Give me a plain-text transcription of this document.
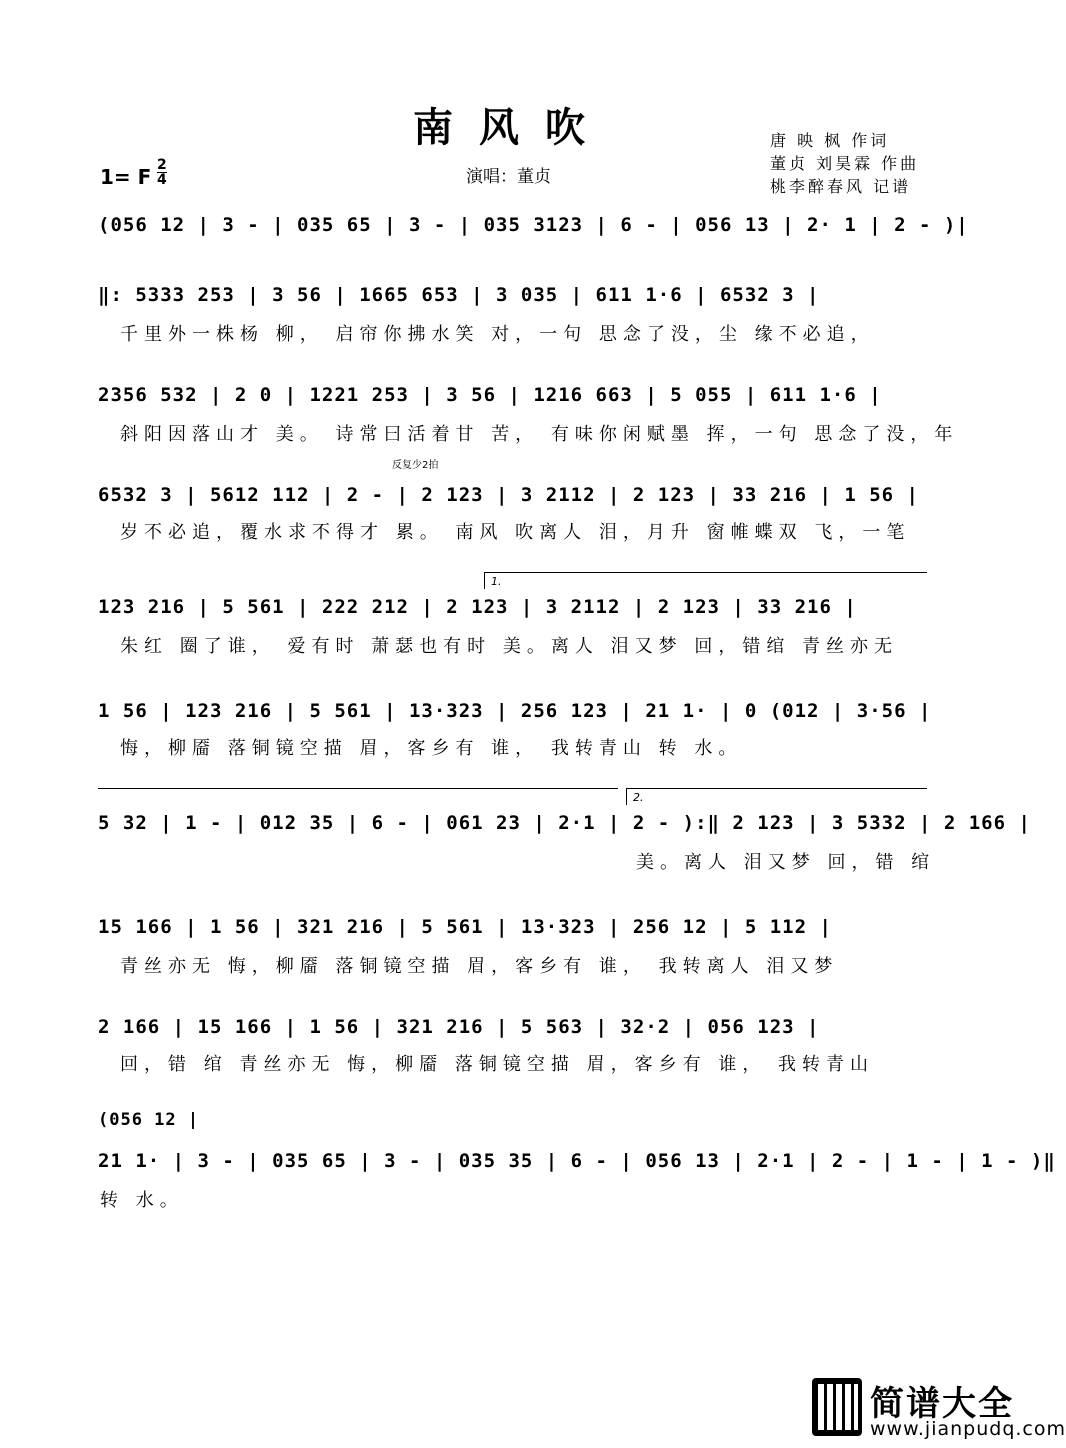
南风吹	唐 映 枫 作词
董贞 刘昊霖 作曲
桃李醉春风 记谱
演唱：董贞
1= F 2
4
反复少2拍
(056 12 | 3 - | 035 65 | 3 - | 035 3123 | 6 - | 056 13 | 2· 1 | 2 - )|
‖: 5333 253 | 3 56 | 1665 653 | 3 035 | 611 1·6 | 6532 3 |
千里外一株杨 柳， 启帘你拂水笑 对，一句 思念了没，尘 缘不必追，
2356 532 | 2 0 | 1221 253 | 3 56 | 1216 663 | 5 055 | 611 1·6 |
斜阳因落山才 美。 诗常曰活着甘 苦， 有味你闲赋墨 挥，一句 思念了没，年
6532 3 | 5612 112 | 2 - | 2 123 | 3 2112 | 2 123 | 33 216 | 1 56 |
岁不必追，覆水求不得才 累。 南风 吹离人 泪，月升 窗帷蝶双 飞，一笔
1.
123 216 | 5 561 | 222 212 | 2 123 | 3 2112 | 2 123 | 33 216 |
朱红 圈了谁， 爱有时 萧瑟也有时 美。离人 泪又梦 回，错绾 青丝亦无
1 56 | 123 216 | 5 561 | 13·323 | 256 123 | 21 1· | 0 (012 | 3·56 |
悔，柳靥 落铜镜空描 眉，客乡有 谁， 我转青山 转 水。
2.
5 32 | 1 - | 012 35 | 6 - | 061 23 | 2·1 | 2 - ):‖ 2 123 | 3 5332 | 2 166 |
美。离人 泪又梦 回，错 绾
15 166 | 1 56 | 321 216 | 5 561 | 13·323 | 256 12 | 5 112 |
青丝亦无 悔，柳靥 落铜镜空描 眉，客乡有 谁， 我转离人 泪又梦
2 166 | 15 166 | 1 56 | 321 216 | 5 563 | 32·2 | 056 123 |
回，错 绾 青丝亦无 悔，柳靥 落铜镜空描 眉，客乡有 谁， 我转青山
(056 12 |
21 1· | 3 - | 035 65 | 3 - | 035 35 | 6 - | 056 13 | 2·1 | 2 - | 1 - | 1 - )‖
转 水。
简谱大全
www.jianpudq.com
